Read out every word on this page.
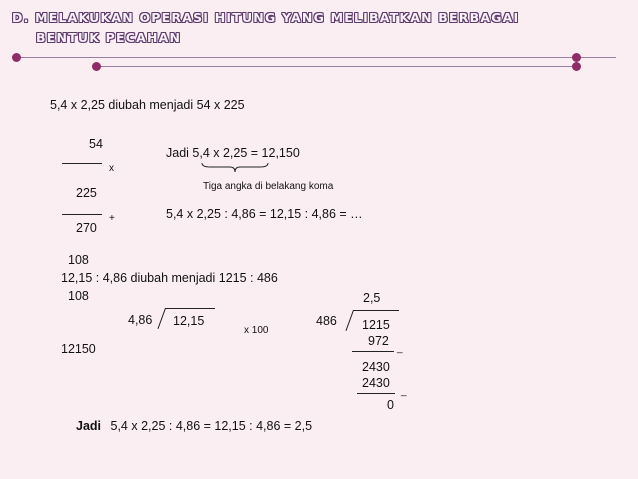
D. MELAKUKAN OPERASI HITUNG YANG MELIBATKAN BERBAGAI
BENTUK PECAHAN
5,4 x 2,25 diubah menjadi 54 x 225
54
x
225
+
270
108
108
12150
Jadi 5,4 x 2,25 = 12,150
Tiga angka di belakang koma
5,4 x 2,25 : 4,86 = 12,15 : 4,86 = …
12,15 : 4,86 diubah menjadi 1215 : 486
4,86 12,15
x 100
2,5
486 1215
972
_
2430
2430
_
0
Jadi 5,4 x 2,25 : 4,86 = 12,15 : 4,86 = 2,5
